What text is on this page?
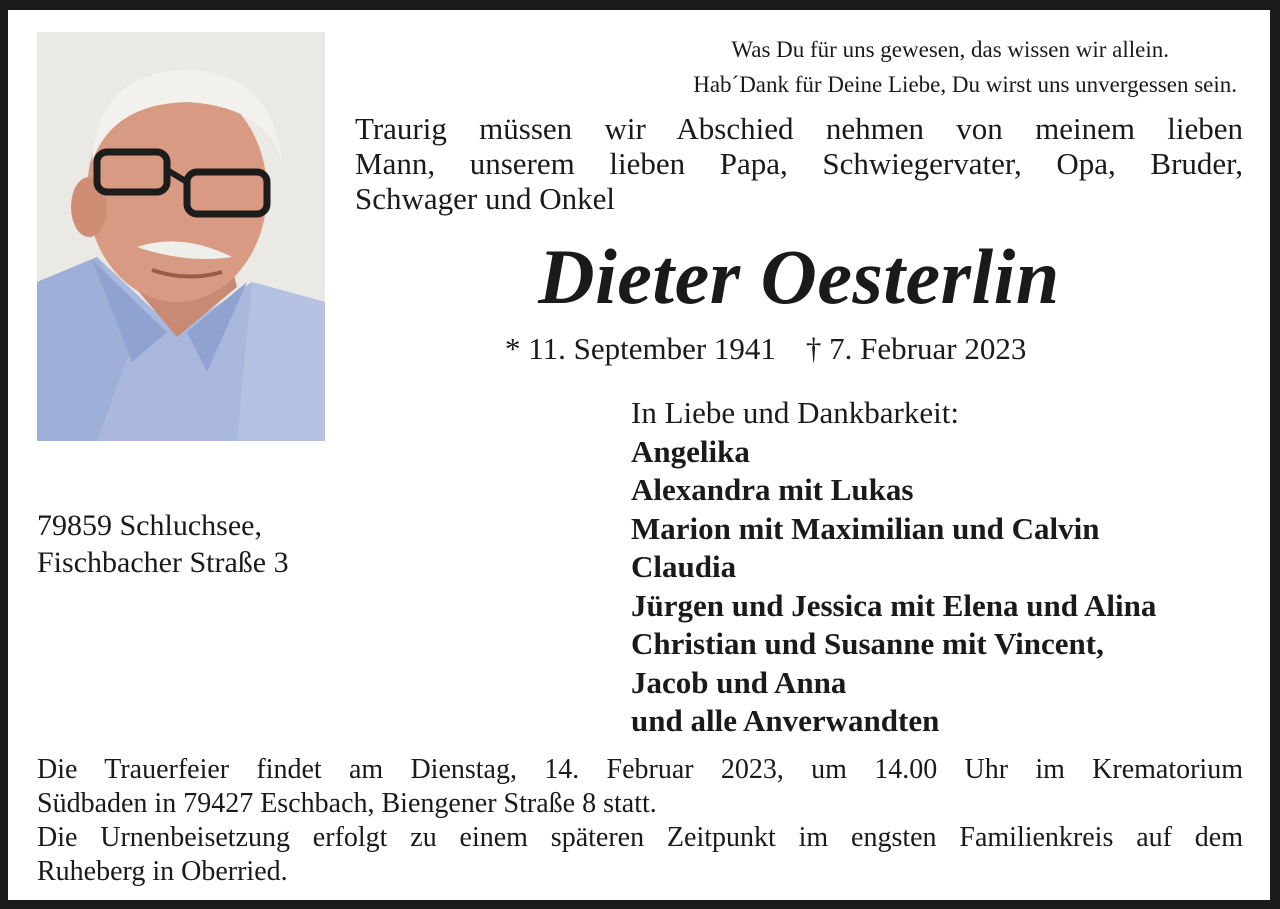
Was Du für uns gewesen, das wissen wir allein.
Hab´Dank für Deine Liebe, Du wirst uns unvergessen sein.
Traurig müssen wir Abschied nehmen von meinem lieben
Mann, unserem lieben Papa, Schwiegervater, Opa, Bruder,
Schwager und Onkel
Dieter Oesterlin
* 11. September 1941 † 7. Februar 2023
In Liebe und Dankbarkeit:
Angelika
Alexandra mit Lukas
Marion mit Maximilian und Calvin
Claudia
Jürgen und Jessica mit Elena und Alina
Christian und Susanne mit Vincent,
Jacob und Anna
und alle Anverwandten
79859 Schluchsee,
Fischbacher Straße 3
Die Trauerfeier findet am Dienstag, 14. Februar 2023, um 14.00 Uhr im Krematorium
Südbaden in 79427 Eschbach, Biengener Straße 8 statt.
Die Urnenbeisetzung erfolgt zu einem späteren Zeitpunkt im engsten Familienkreis auf dem
Ruheberg in Oberried.
